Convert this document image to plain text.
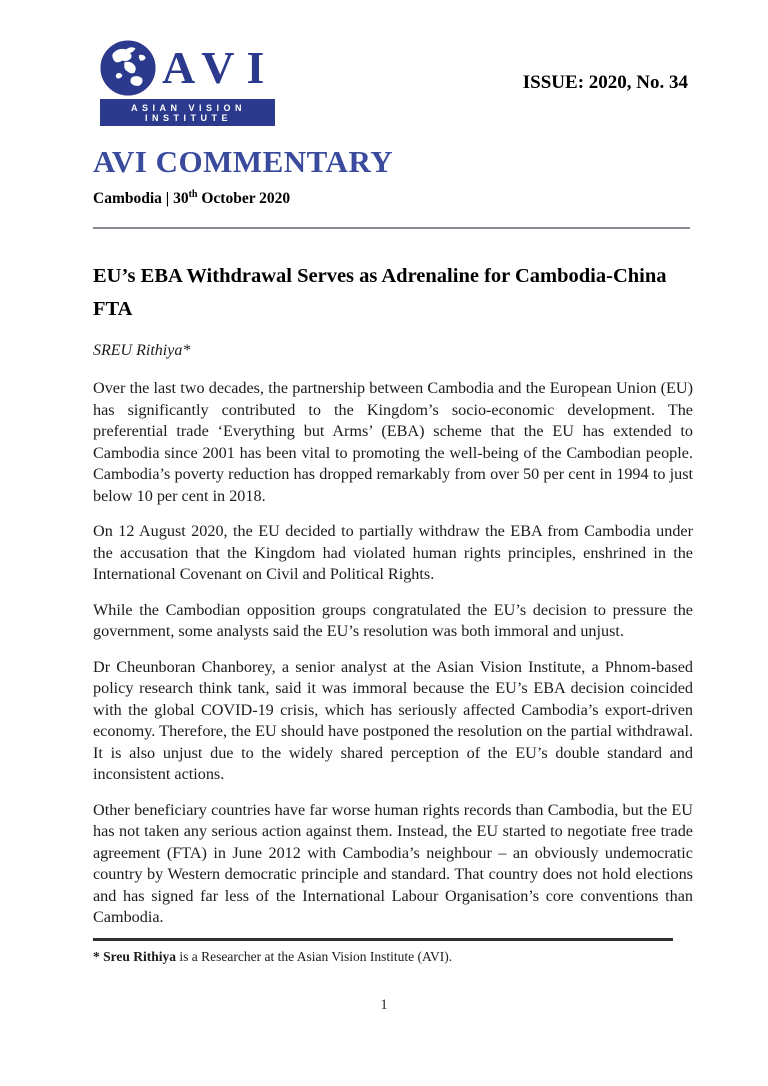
AVI
ASIAN VISION INSTITUTE
ISSUE: 2020, No. 34
AVI COMMENTARY
Cambodia | 30th October 2020
EU’s EBA Withdrawal Serves as Adrenaline for Cambodia-China FTA
SREU Rithiya*

Over the last two decades, the partnership between Cambodia and the European Union (EU) has significantly contributed to the Kingdom’s socio-economic development. The preferential trade ‘Everything but Arms’ (EBA) scheme that the EU has extended to Cambodia since 2001 has been vital to promoting the well-being of the Cambodian people. Cambodia’s poverty reduction has dropped remarkably from over 50 per cent in 1994 to just below 10 per cent in 2018.

On 12 August 2020, the EU decided to partially withdraw the EBA from Cambodia under the accusation that the Kingdom had violated human rights principles, enshrined in the International Covenant on Civil and Political Rights.

While the Cambodian opposition groups congratulated the EU’s decision to pressure the government, some analysts said the EU’s resolution was both immoral and unjust.

Dr Cheunboran Chanborey, a senior analyst at the Asian Vision Institute, a Phnom-based policy research think tank, said it was immoral because the EU’s EBA decision coincided with the global COVID-19 crisis, which has seriously affected Cambodia’s export-driven economy. Therefore, the EU should have postponed the resolution on the partial withdrawal. It is also unjust due to the widely shared perception of the EU’s double standard and inconsistent actions.

Other beneficiary countries have far worse human rights records than Cambodia, but the EU has not taken any serious action against them. Instead, the EU started to negotiate free trade agreement (FTA) in June 2012 with Cambodia’s neighbour – an obviously undemocratic country by Western democratic principle and standard. That country does not hold elections and has signed far less of the International Labour Organisation’s core conventions than Cambodia.

* Sreu Rithiya is a Researcher at the Asian Vision Institute (AVI).
1
